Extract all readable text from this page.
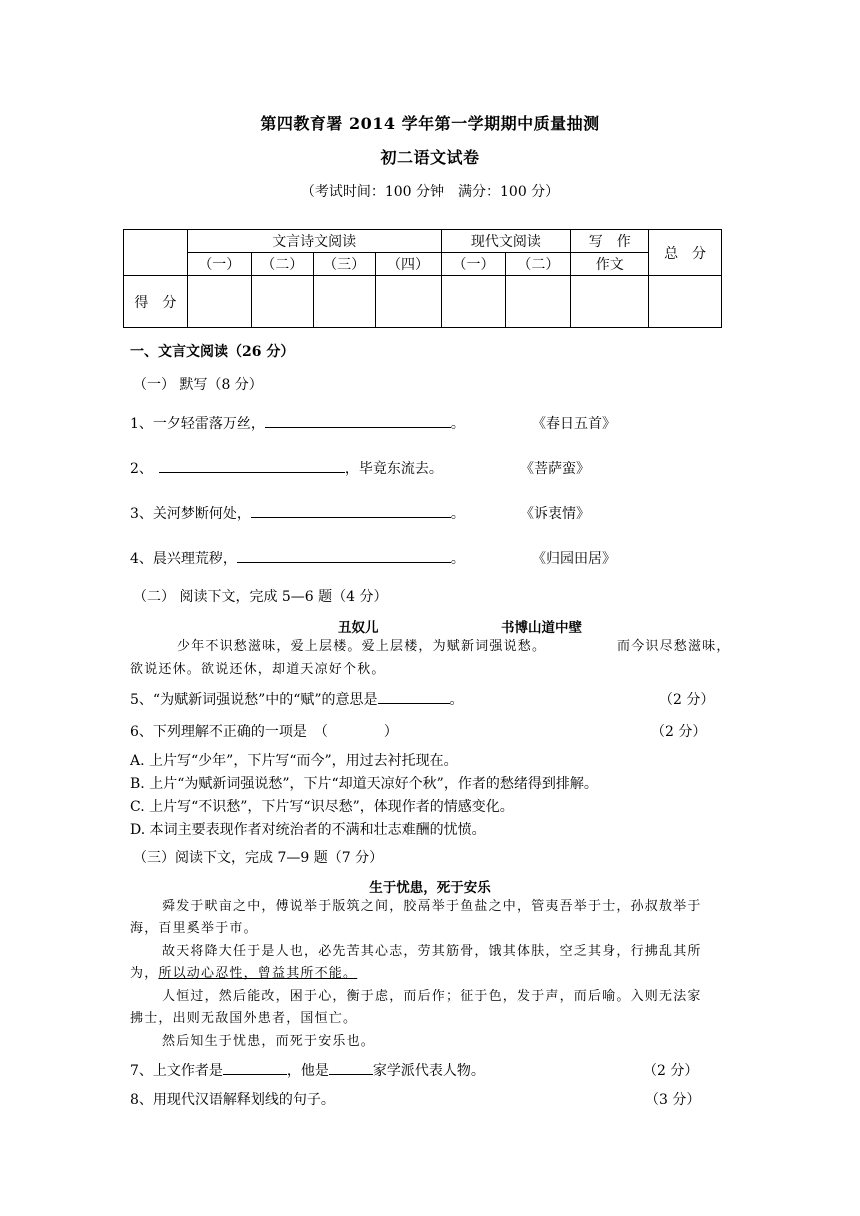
第四教育署 2014 学年第一学期期中质量抽测
初二语文试卷
（考试时间：100 分钟　满分：100 分）
	文言诗文阅读				现代文阅读		写　作	总　分
	（一）	（二）	（三）	（四）	（一）	（二）	作文	
得　分								
一、文言文阅读（26 分）
（一） 默写（8 分）
1、一夕轻雷落万丝，	。	《春日五首》
2、	，毕竟东流去。	《菩萨蛮》
3、关河梦断何处，	。	《诉衷情》
4、晨兴理荒秽，	。	《归园田居》
（二） 阅读下文，完成 5—6 题（4 分）
丑奴儿	书博山道中壁
少年不识愁滋味，爱上层楼。爱上层楼，为赋新词强说愁。	而今识尽愁滋味，
欲说还休。欲说还休，却道天凉好个秋。
5、“为赋新词强说愁”中的“赋”的意思是	。	（2 分）
6、下列理解不正确的一项是　（　　　　）	（2 分）
A. 上片写“少年”，下片写“而今”，用过去衬托现在。
B. 上片“为赋新词强说愁”，下片“却道天凉好个秋”，作者的愁绪得到排解。
C. 上片写“不识愁”，下片写“识尽愁”，体现作者的情感变化。
D. 本词主要表现作者对统治者的不满和壮志难酬的忧愤。
（三）阅读下文，完成 7—9 题（7 分）
生于忧患，死于安乐
舜发于畎亩之中，傅说举于版筑之间，胶鬲举于鱼盐之中，管夷吾举于士，孙叔敖举于
海，百里奚举于市。
故天将降大任于是人也，必先苦其心志，劳其筋骨，饿其体肤，空乏其身，行拂乱其所
为，所以动心忍性，曾益其所不能。
人恒过，然后能改，困于心，衡于虑，而后作；征于色，发于声，而后喻。入则无法家
拂士，出则无敌国外患者，国恒亡。
然后知生于忧患，而死于安乐也。
7、上文作者是	，他是	家学派代表人物。	（2 分）
8、用现代汉语解释划线的句子。	（3 分）
